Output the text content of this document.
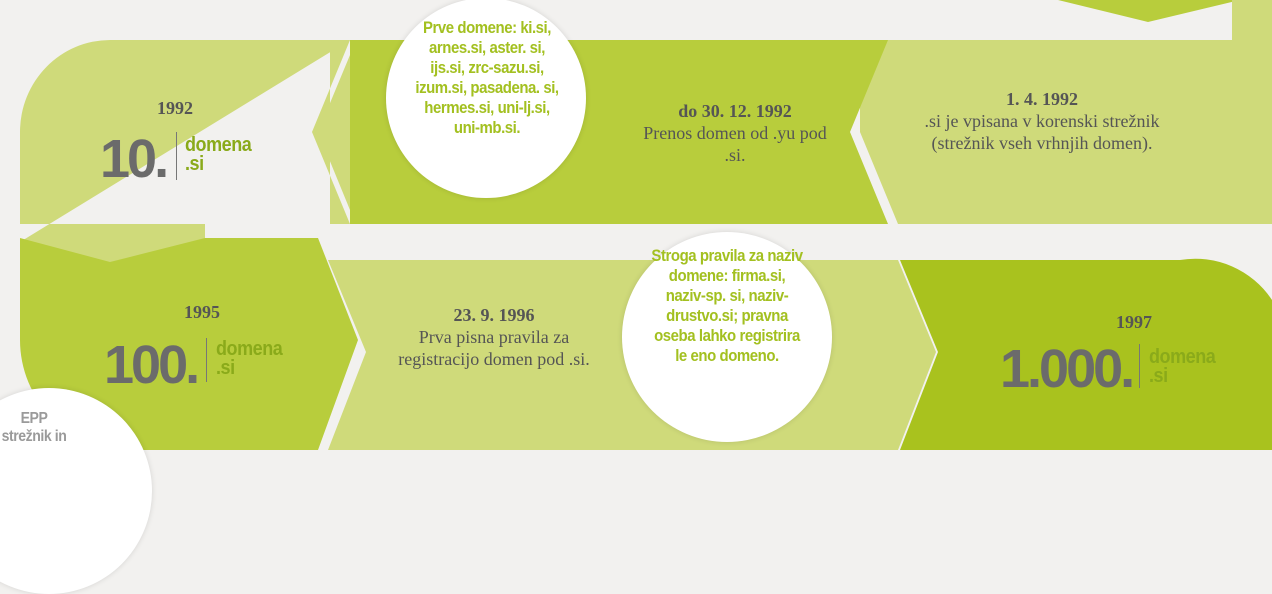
1992
10. domena .si
Prve domene: ki.si, arnes.si, aster. si, ijs.si, zrc-sazu.si, izum.si, pasadena. si, hermes.si, uni-lj.si, uni-mb.si.
do 30. 12. 1992
Prenos domen od .yu pod .si.
1. 4. 1992
.si je vpisana v korenski strežnik (strežnik vseh vrhnjih domen).
1995
100. domena .si
23. 9. 1996
Prva pisna pravila za registracijo domen pod .si.
Stroga pravila za naziv domene: firma.si, naziv-sp. si, naziv-drustvo.si; pravna oseba lahko registrira le eno domeno.
1997
1.000. domena .si
EPP strežnik in
